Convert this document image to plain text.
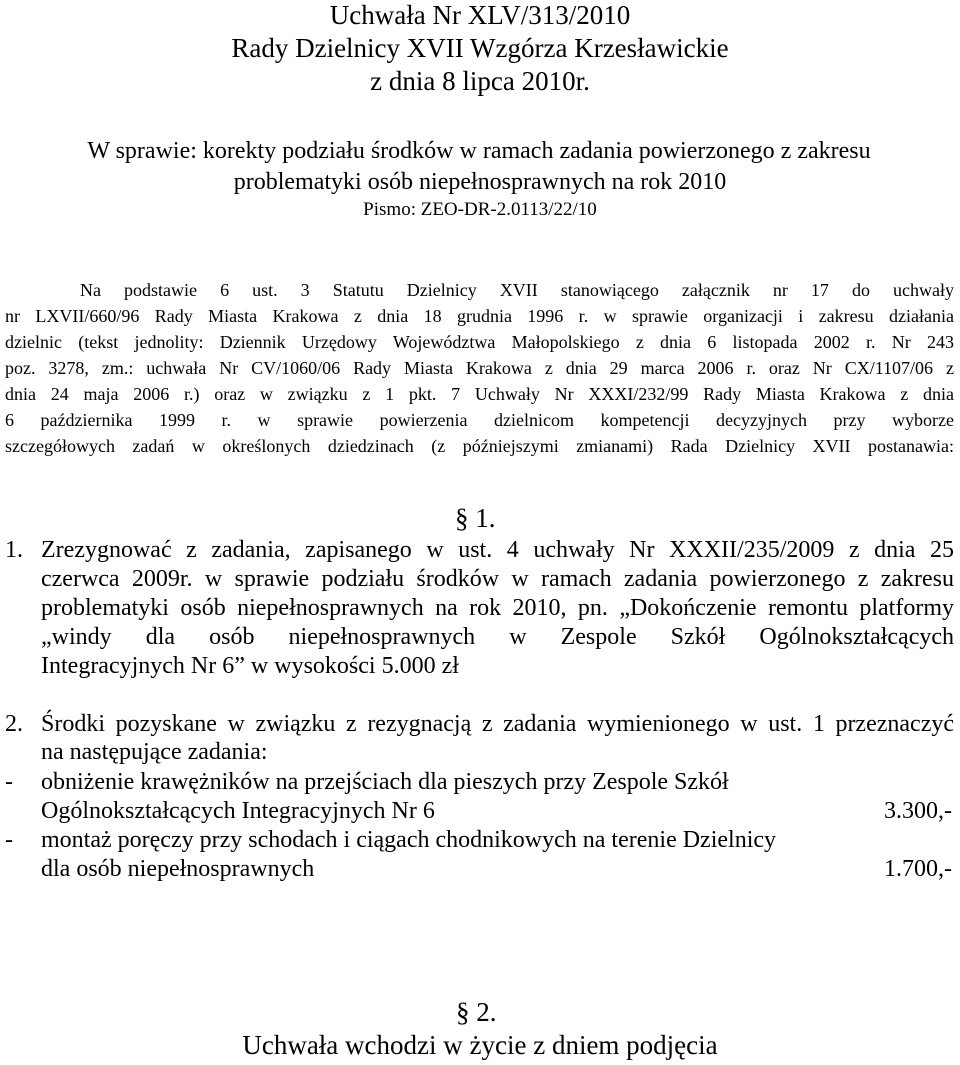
Uchwała Nr XLV/313/2010
Rady Dzielnicy XVII Wzgórza Krzesławickie
z dnia 8 lipca 2010r.
W sprawie: korekty podziału środków w ramach zadania powierzonego z zakresu
problematyki osób niepełnosprawnych na rok 2010
Pismo: ZEO-DR-2.0113/22/10
Na podstawie 6 ust. 3 Statutu Dzielnicy XVII stanowiącego załącznik nr 17 do uchwały
nr LXVII/660/96 Rady Miasta Krakowa z dnia 18 grudnia 1996 r. w sprawie organizacji i zakresu działania
dzielnic (tekst jednolity: Dziennik Urzędowy Województwa Małopolskiego z dnia 6 listopada 2002 r. Nr 243
poz. 3278, zm.: uchwała Nr CV/1060/06 Rady Miasta Krakowa z dnia 29 marca 2006 r. oraz Nr CX/1107/06 z
dnia 24 maja 2006 r.) oraz w związku z 1 pkt. 7 Uchwały Nr XXXI/232/99 Rady Miasta Krakowa z dnia
6 października 1999 r. w sprawie powierzenia dzielnicom kompetencji decyzyjnych przy wyborze
szczegółowych zadań w określonych dziedzinach (z późniejszymi zmianami) Rada Dzielnicy XVII postanawia:
§ 1.
1. Zrezygnować z zadania, zapisanego w ust. 4 uchwały Nr XXXII/235/2009 z dnia 25
czerwca 2009r. w sprawie podziału środków w ramach zadania powierzonego z zakresu
problematyki osób niepełnosprawnych na rok 2010, pn. „Dokończenie remontu platformy
„windy dla osób niepełnosprawnych w Zespole Szkół Ogólnokształcących
Integracyjnych Nr 6” w wysokości 5.000 zł
2. Środki pozyskane w związku z rezygnacją z zadania wymienionego w ust. 1 przeznaczyć
na następujące zadania:
- obniżenie krawężników na przejściach dla pieszych przy Zespole Szkół
Ogólnokształcących Integracyjnych Nr 6	3.300,-
- montaż poręczy przy schodach i ciągach chodnikowych na terenie Dzielnicy
dla osób niepełnosprawnych	1.700,-
§ 2.
Uchwała wchodzi w życie z dniem podjęcia
